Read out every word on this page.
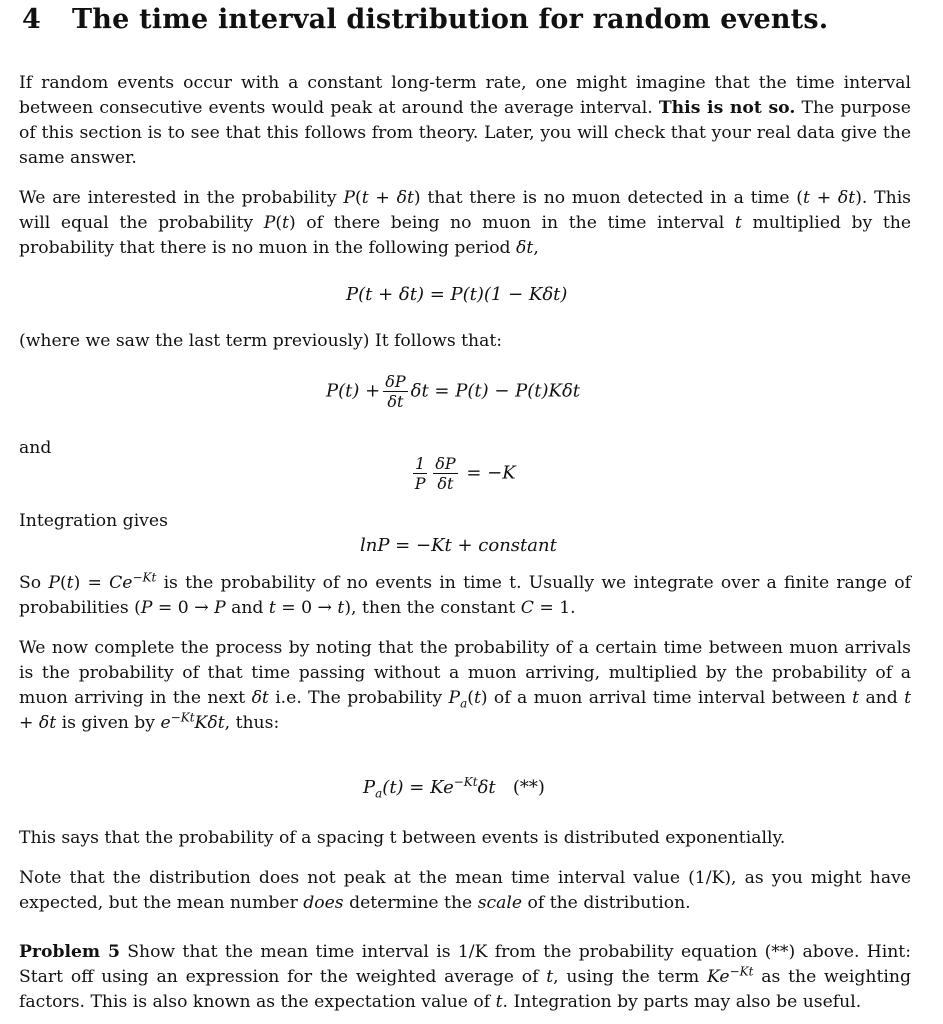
4 The time interval distribution for random events.

If random events occur with a constant long-term rate, one might imagine that the time interval between consecutive events would peak at around the average interval. This is not so. The purpose of this section is to see that this follows from theory. Later, you will check that your real data give the same answer.

We are interested in the probability P(t + δt) that there is no muon detected in a time (t + δt). This will equal the probability P(t) of there being no muon in the time interval t multiplied by the probability that there is no muon in the following period δt,

P(t + δt) = P(t)(1 − Kδt)

(where we saw the last term previously) It follows that:

$P(t) + \frac{\delta P}{\delta t}$ δt = P(t) − P(t)Kδt

and

$\frac{1}{P} \frac{\delta P}{\delta t} = -K$

Integration gives

lnP = −Kt + constant

So $P(t) = Ce^{-Kt}$ is the probability of no events in time t. Usually we integrate over a finite range of probabilities (P = 0 → P and t = 0 → t), then the constant C = 1.

We now complete the process by noting that the probability of a certain time between muon arrivals is the probability of that time passing without a muon arriving, multiplied by the probability of a muon arriving in the next δt i.e. The probability $P_a(t)$ of a muon arrival time interval between t and t + δt is given by $e^{-Kt}K\delta t$, thus:

$P_a(t) = Ke^{-Kt}\delta t$ (**)

This says that the probability of a spacing t between events is distributed exponentially.

Note that the distribution does not peak at the mean time interval value (1/K), as you might have expected, but the mean number does determine the scale of the distribution.

Problem 5 Show that the mean time interval is 1/K from the probability equation (**) above. Hint: Start off using an expression for the weighted average of t, using the term $Ke^{-Kt}$ as the weighting factors. This is also known as the expectation value of t. Integration by parts may also be useful.
